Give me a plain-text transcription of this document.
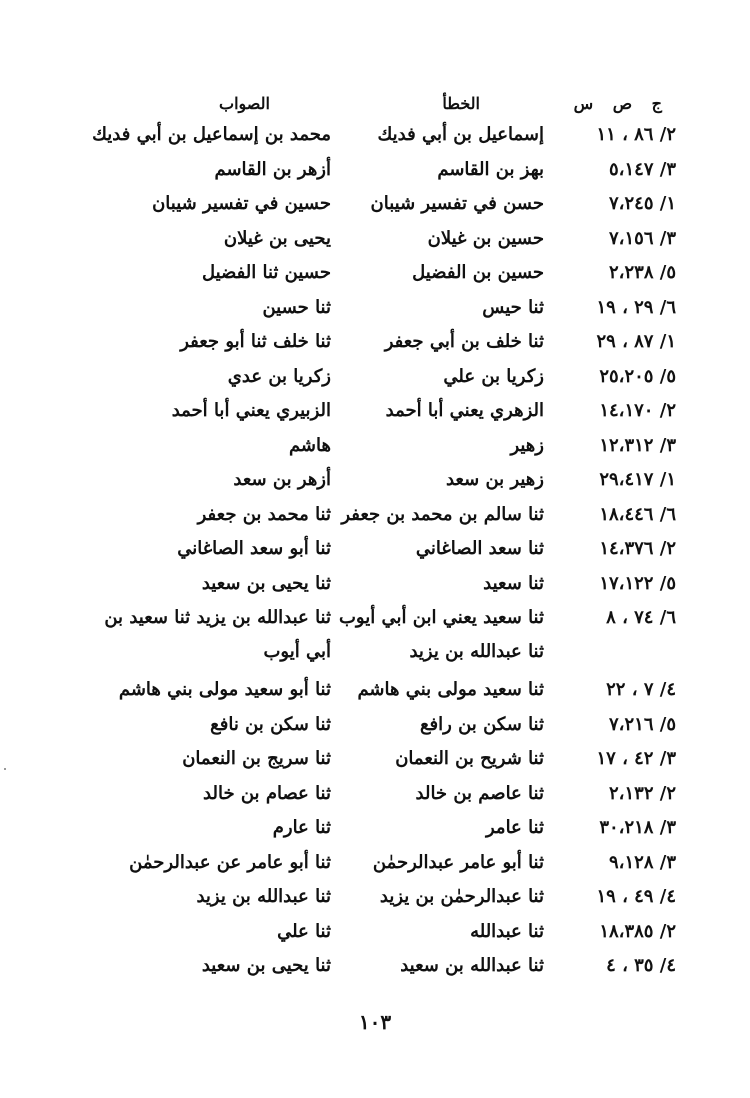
ج ص س
الخطأ
الصواب
٢/ ٨٦ ، ١١
إسماعيل بن أبي فديك
محمد بن إسماعيل بن أبي فديك
٣/ ٥،١٤٧
بهز بن القاسم
أزهر بن القاسم
١/ ٧،٢٤٥
حسن في تفسير شيبان
حسين في تفسير شيبان
٣/ ٧،١٥٦
حسين بن غيلان
يحيى بن غيلان
٥/ ٢،٢٣٨
حسين بن الفضيل
حسين ثنا الفضيل
٦/ ٢٩ ، ١٩
ثنا حيس
ثنا حسين
١/ ٨٧ ، ٢٩
ثنا خلف بن أبي جعفر
ثنا خلف ثنا أبو جعفر
٥/ ٢٥،٢٠٥
زكريا بن علي
زكريا بن عدي
٢/ ١٤،١٧٠
الزهري يعني أبا أحمد
الزبيري يعني أبا أحمد
٣/ ١٢،٣١٢
زهير
هاشم
١/ ٢٩،٤١٧
زهير بن سعد
أزهر بن سعد
٦/ ١٨،٤٤٦
ثنا سالم بن محمد بن جعفر
ثنا محمد بن جعفر
٢/ ١٤،٣٧٦
ثنا سعد الصاغاني
ثنا أبو سعد الصاغاني
٥/ ١٧،١٢٢
ثنا سعيد
ثنا يحيى بن سعيد
٦/ ٧٤ ، ٨
ثنا سعيد يعني ابن أبي أيوب
ثنا عبدالله بن يزيد ثنا سعيد بن
ثنا عبدالله بن يزيد
أبي أيوب
٤/ ٧ ، ٢٢
ثنا سعيد مولى بني هاشم
ثنا أبو سعيد مولى بني هاشم
٥/ ٧،٢١٦
ثنا سكن بن رافع
ثنا سكن بن نافع
٣/ ٤٢ ، ١٧
ثنا شريح بن النعمان
ثنا سريج بن النعمان
٢/ ٢،١٣٢
ثنا عاصم بن خالد
ثنا عصام بن خالد
٣/ ٣٠،٢١٨
ثنا عامر
ثنا عارم
٣/ ٩،١٢٨
ثنا أبو عامر عبدالرحمٰن
ثنا أبو عامر عن عبدالرحمٰن
٤/ ٤٩ ، ١٩
ثنا عبدالرحمٰن بن يزيد
ثنا عبدالله بن يزيد
٢/ ١٨،٣٨٥
ثنا عبدالله
ثنا علي
٤/ ٣٥ ، ٤
ثنا عبدالله بن سعيد
ثنا يحيى بن سعيد
١٠٣
